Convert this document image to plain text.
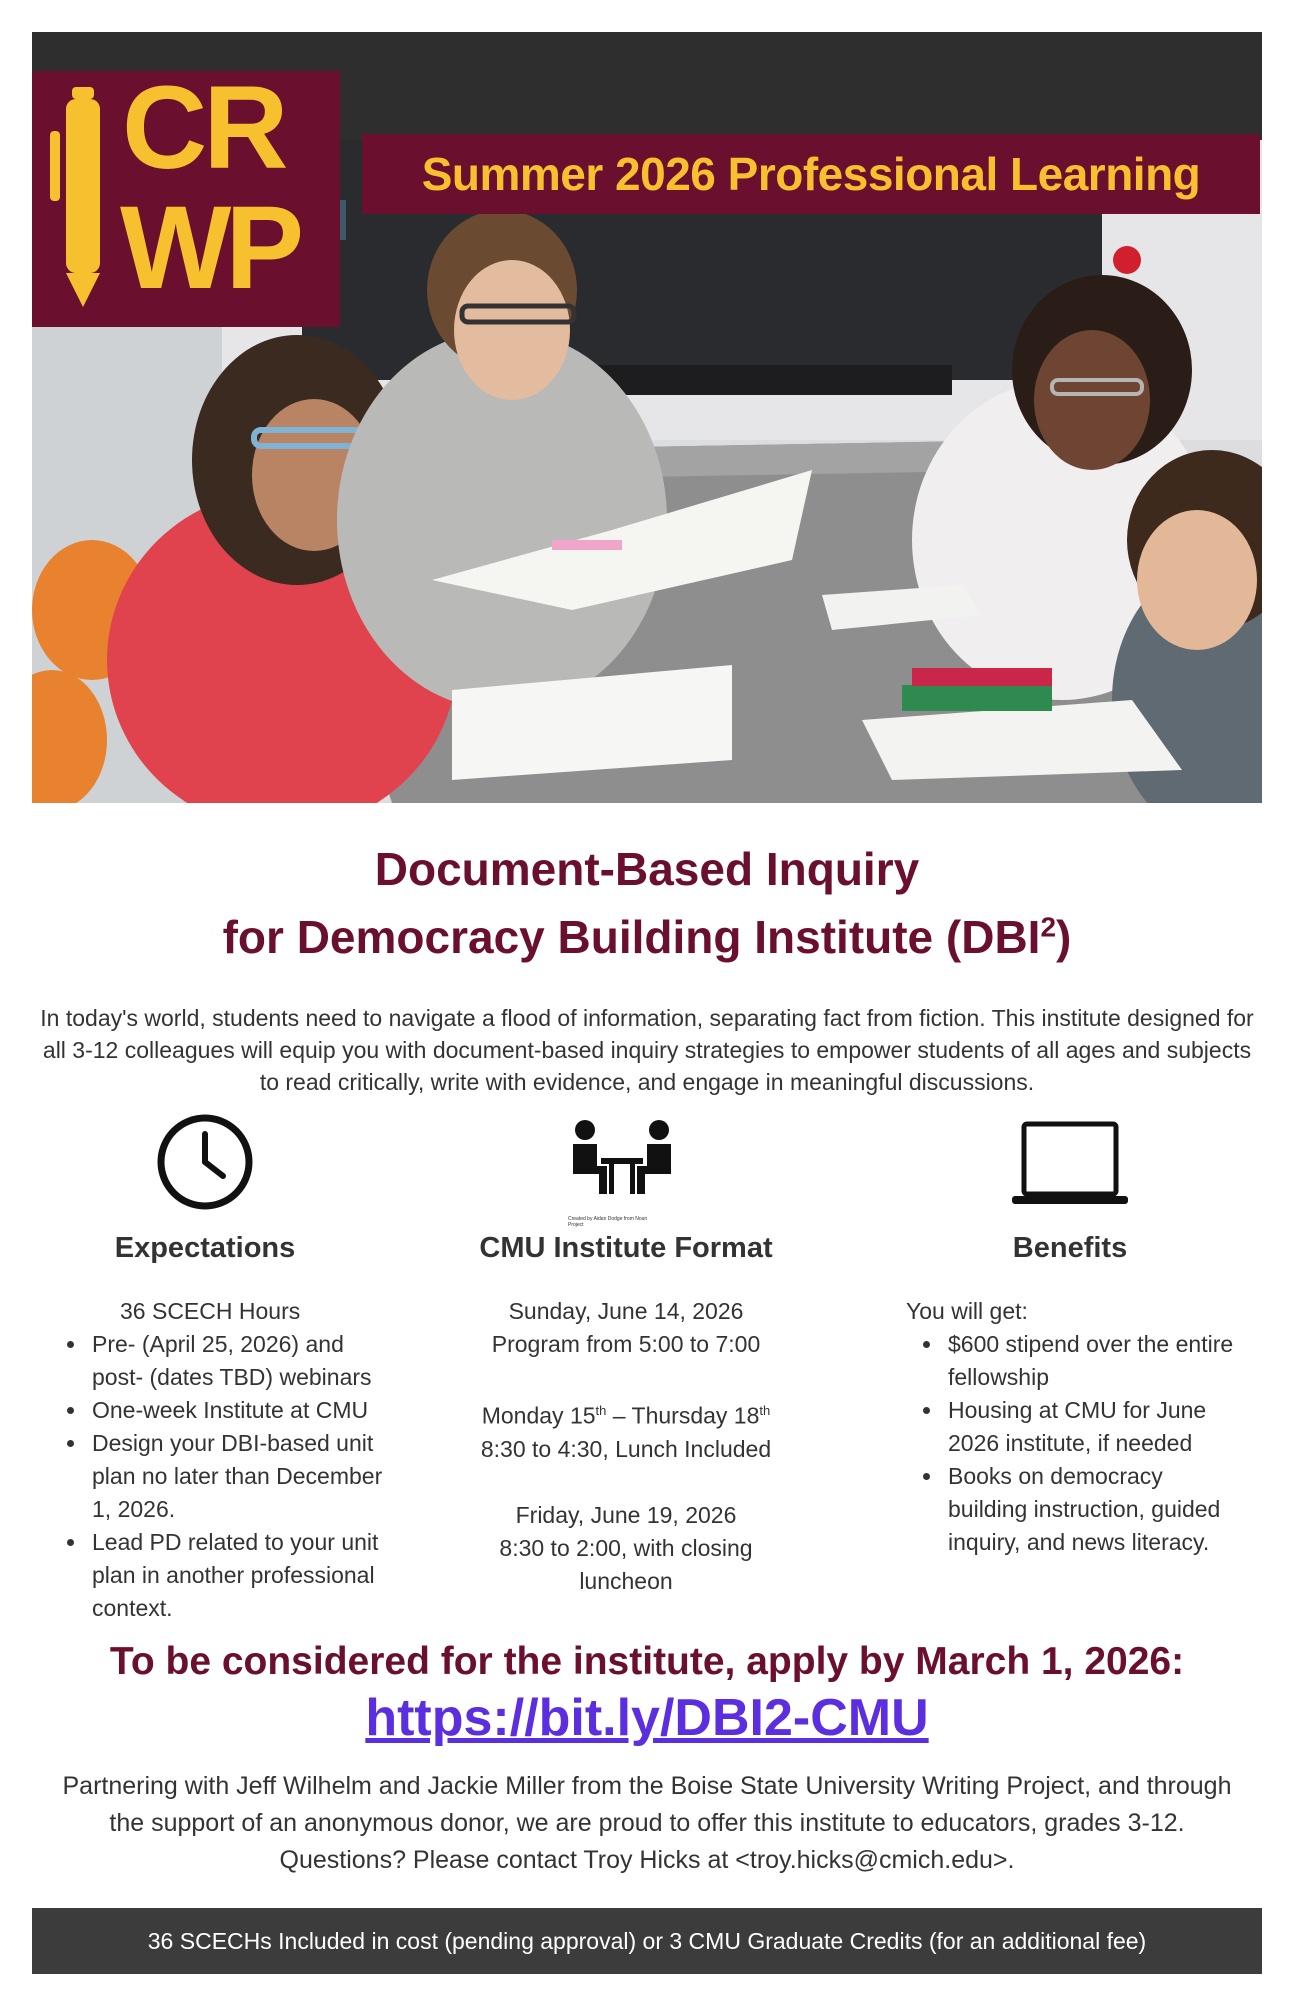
CR
WP
Summer 2026 Professional Learning
Document-Based Inquiry
for Democracy Building Institute (DBI$^2$)
In today's world, students need to navigate a flood of information, separating fact from fiction. This institute designed for all 3-12 colleagues will equip you with document-based inquiry strategies to empower students of all ages and subjects to read critically, write with evidence, and engage in meaningful discussions.
Created by Aidan Dodge from Noun Project
Expectations	CMU Institute Format	Benefits
36 SCECH Hours
• Pre- (April 25, 2026) and post- (dates TBD) webinars
• One-week Institute at CMU
• Design your DBI-based unit plan no later than December 1, 2026.
• Lead PD related to your unit plan in another professional context.
Sunday, June 14, 2026
Program from 5:00 to 7:00
Monday 15th – Thursday 18th
8:30 to 4:30, Lunch Included
Friday, June 19, 2026
8:30 to 2:00, with closing luncheon
You will get:
• $600 stipend over the entire fellowship
• Housing at CMU for June 2026 institute, if needed
• Books on democracy building instruction, guided inquiry, and news literacy.
To be considered for the institute, apply by March 1, 2026:
https://bit.ly/DBI2-CMU
Partnering with Jeff Wilhelm and Jackie Miller from the Boise State University Writing Project, and through the support of an anonymous donor, we are proud to offer this institute to educators, grades 3-12. Questions? Please contact Troy Hicks at <troy.hicks@cmich.edu>.
36 SCECHs Included in cost (pending approval) or 3 CMU Graduate Credits (for an additional fee)
